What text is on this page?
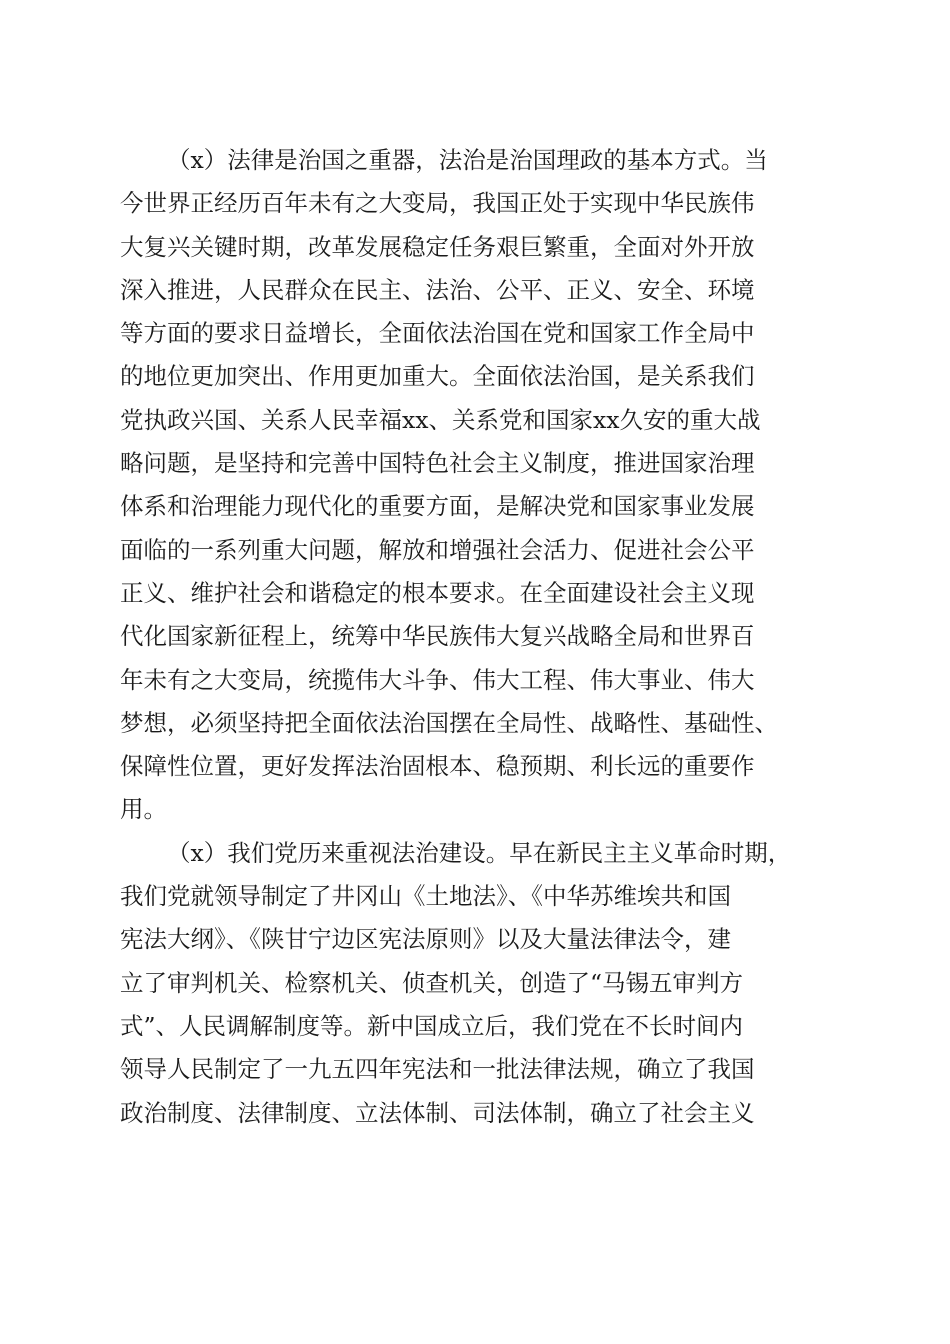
（x）法律是治国之重器，法治是治国理政的基本方式。当
今世界正经历百年未有之大变局，我国正处于实现中华民族伟
大复兴关键时期，改革发展稳定任务艰巨繁重，全面对外开放
深入推进，人民群众在民主、法治、公平、正义、安全、环境
等方面的要求日益增长，全面依法治国在党和国家工作全局中
的地位更加突出、作用更加重大。全面依法治国，是关系我们
党执政兴国、关系人民幸福xx、关系党和国家xx久安的重大战
略问题，是坚持和完善中国特色社会主义制度，推进国家治理
体系和治理能力现代化的重要方面，是解决党和国家事业发展
面临的一系列重大问题，解放和增强社会活力、促进社会公平
正义、维护社会和谐稳定的根本要求。在全面建设社会主义现
代化国家新征程上，统筹中华民族伟大复兴战略全局和世界百
年未有之大变局，统揽伟大斗争、伟大工程、伟大事业、伟大
梦想，必须坚持把全面依法治国摆在全局性、战略性、基础性、
保障性位置，更好发挥法治固根本、稳预期、利长远的重要作
用。
（x）我们党历来重视法治建设。早在新民主主义革命时期，
我们党就领导制定了井冈山《土地法》、《中华苏维埃共和国
宪法大纲》、《陕甘宁边区宪法原则》以及大量法律法令，建
立了审判机关、检察机关、侦查机关，创造了“马锡五审判方
式”、人民调解制度等。新中国成立后，我们党在不长时间内
领导人民制定了一九五四年宪法和一批法律法规，确立了我国
政治制度、法律制度、立法体制、司法体制，确立了社会主义
